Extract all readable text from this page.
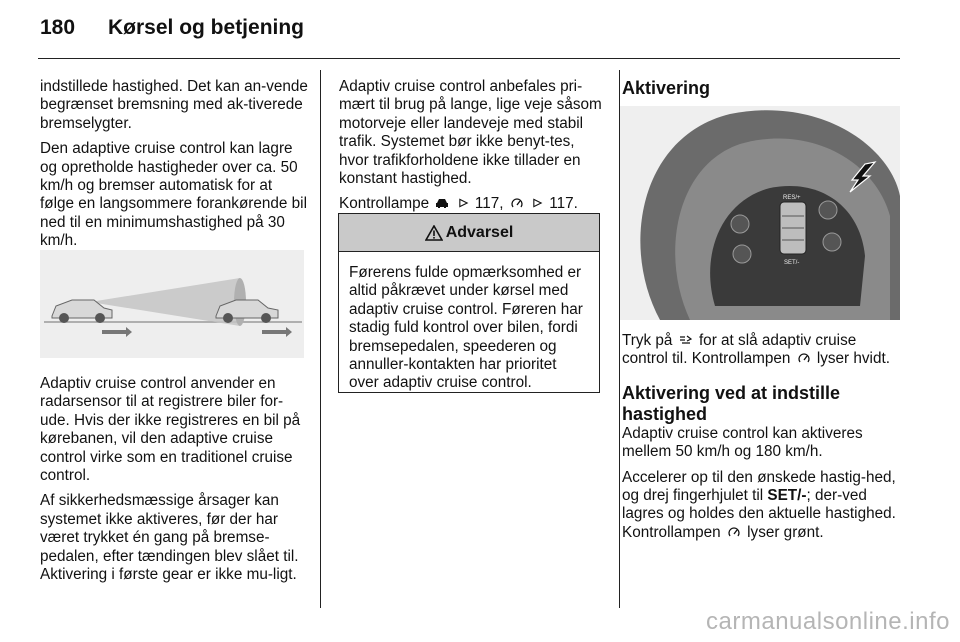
180 Kørsel og betjening

indstillede hastighed. Det kan an-vende begrænset bremsning med ak-tiverede bremselygter.

Den adaptive cruise control kan lagre og opretholde hastigheder over ca. 50 km/h og bremser automatisk for at følge en langsommere forankørende bil ned til en minimumshastighed på 30 km/h.

Adaptiv cruise control anvender en radarsensor til at registrere biler for-ude. Hvis der ikke registreres en bil på kørebanen, vil den adaptive cruise control virke som en traditionel cruise control.

Af sikkerhedsmæssige årsager kan systemet ikke aktiveres, før der har været trykket én gang på bremse-pedalen, efter tændingen blev slået til. Aktivering i første gear er ikke mu-ligt.

Adaptiv cruise control anbefales pri-mært til brug på lange, lige veje såsom motorveje eller landeveje med stabil trafik. Systemet bør ikke benyt-tes, hvor trafikforholdene ikke tillader en konstant hastighed.

Kontrollampe	117,	117.

Advarsel
Førerens fulde opmærksomhed er altid påkrævet under kørsel med adaptiv cruise control. Føreren har stadig fuld kontrol over bilen, fordi bremsepedalen, speederen og annuller-kontakten har prioritet over adaptiv cruise control.
Aktivering
RES/+
SET/-

Tryk på for at slå adaptiv cruise control til. Kontrollampen lyser hvidt.

Aktivering ved at indstille hastighed

Adaptiv cruise control kan aktiveres mellem 50 km/h og 180 km/h.

Accelerer op til den ønskede hastig-hed, og drej fingerhjulet til SET/-; der-ved lagres og holdes den aktuelle hastighed. Kontrollampen lyser grønt.

carmanualsonline.info
